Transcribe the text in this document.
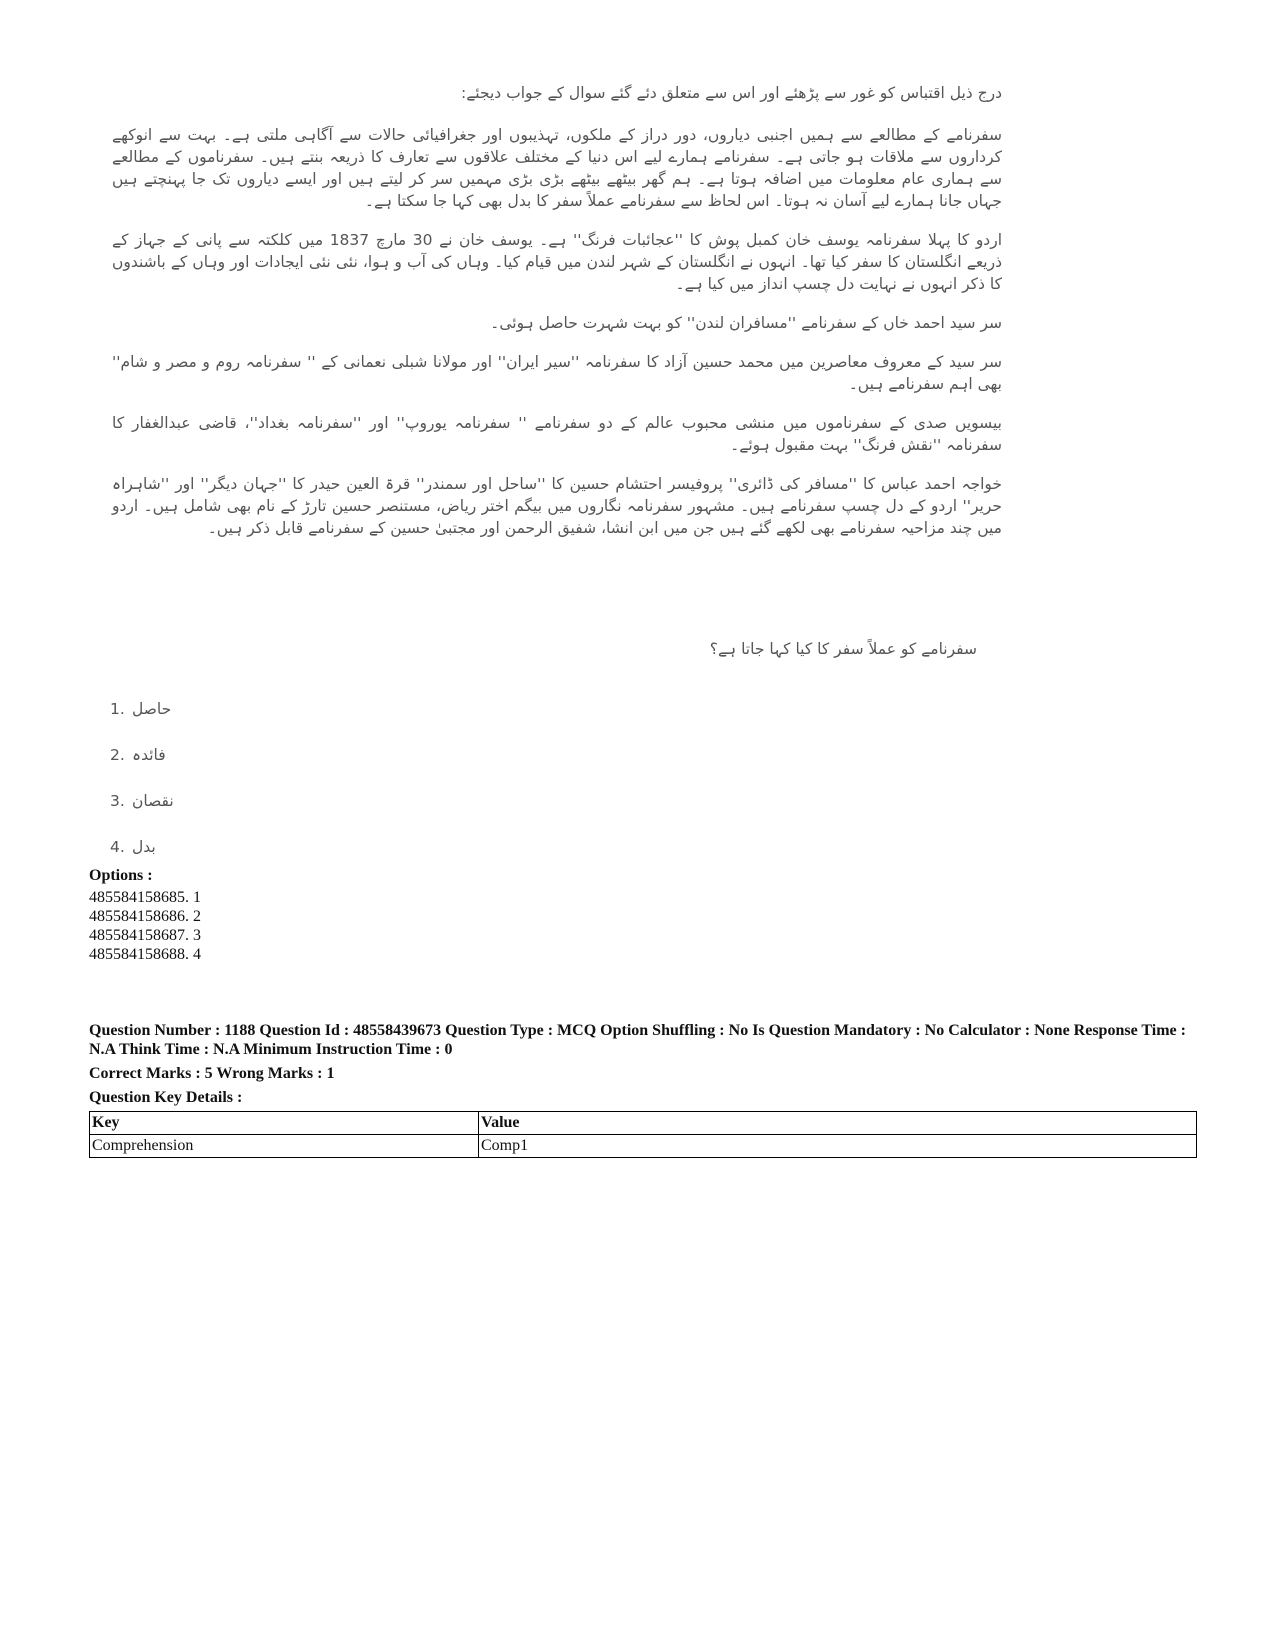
درج ذیل اقتباس کو غور سے پڑھئے اور اس سے متعلق دئے گئے سوال کے جواب دیجئے:

سفرنامے کے مطالعے سے ہمیں اجنبی دیاروں، دور دراز کے ملکوں، تہذیبوں اور جغرافیائی حالات سے آگاہی ملتی ہے۔ بہت سے انوکھے کرداروں سے ملاقات ہو جاتی ہے۔ سفرنامے ہمارے لیے اس دنیا کے مختلف علاقوں سے تعارف کا ذریعہ بنتے ہیں۔ سفرناموں کے مطالعے سے ہماری عام معلومات میں اضافہ ہوتا ہے۔ ہم گھر بیٹھے بیٹھے بڑی بڑی مہمیں سر کر لیتے ہیں اور ایسے دیاروں تک جا پہنچتے ہیں جہاں جانا ہمارے لیے آسان نہ ہوتا۔ اس لحاظ سے سفرنامے عملاً سفر کا بدل بھی کہا جا سکتا ہے۔

اردو کا پہلا سفرنامہ یوسف خان کمبل پوش کا ''عجائبات فرنگ'' ہے۔ یوسف خان نے 30 مارچ 1837 میں کلکتہ سے پانی کے جہاز کے ذریعے انگلستان کا سفر کیا تھا۔ انہوں نے انگلستان کے شہر لندن میں قیام کیا۔ وہاں کی آب و ہوا، نئی نئی ایجادات اور وہاں کے باشندوں کا ذکر انہوں نے نہایت دل چسپ انداز میں کیا ہے۔

سر سید احمد خاں کے سفرنامے ''مسافران لندن'' کو بہت شہرت حاصل ہوئی۔

سر سید کے معروف معاصرین میں محمد حسین آزاد کا سفرنامہ ''سیر ایران'' اور مولانا شبلی نعمانی کے '' سفرنامہ روم و مصر و شام'' بھی اہم سفرنامے ہیں۔

بیسویں صدی کے سفرناموں میں منشی محبوب عالم کے دو سفرنامے '' سفرنامہ یوروپ'' اور ''سفرنامہ بغداد''، قاضی عبدالغفار کا سفرنامہ ''نقش فرنگ'' بہت مقبول ہوئے۔

خواجہ احمد عباس کا ''مسافر کی ڈائری'' پروفیسر احتشام حسین کا ''ساحل اور سمندر'' قرۃ العین حیدر کا ''جہان دیگر'' اور ''شاہراہ حریر'' اردو کے دل چسپ سفرنامے ہیں۔ مشہور سفرنامہ نگاروں میں بیگم اختر ریاض، مستنصر حسین تارڑ کے نام بھی شامل ہیں۔ اردو میں چند مزاحیہ سفرنامے بھی لکھے گئے ہیں جن میں ابن انشا، شفیق الرحمن اور مجتبیٰ حسین کے سفرنامے قابل ذکر ہیں۔

سفرنامے کو عملاً سفر کا کیا کہا جاتا ہے؟
1. حاصل
2. فائدہ
3. نقصان
4. بدل
Options :
485584158685. 1
485584158686. 2
485584158687. 3
485584158688. 4
Question Number : 1188 Question Id : 48558439673 Question Type : MCQ Option Shuffling : No Is Question Mandatory : No Calculator : None Response Time : N.A Think Time : N.A Minimum Instruction Time : 0
Correct Marks : 5 Wrong Marks : 1
Question Key Details :
Key	Value
Comprehension	Comp1
